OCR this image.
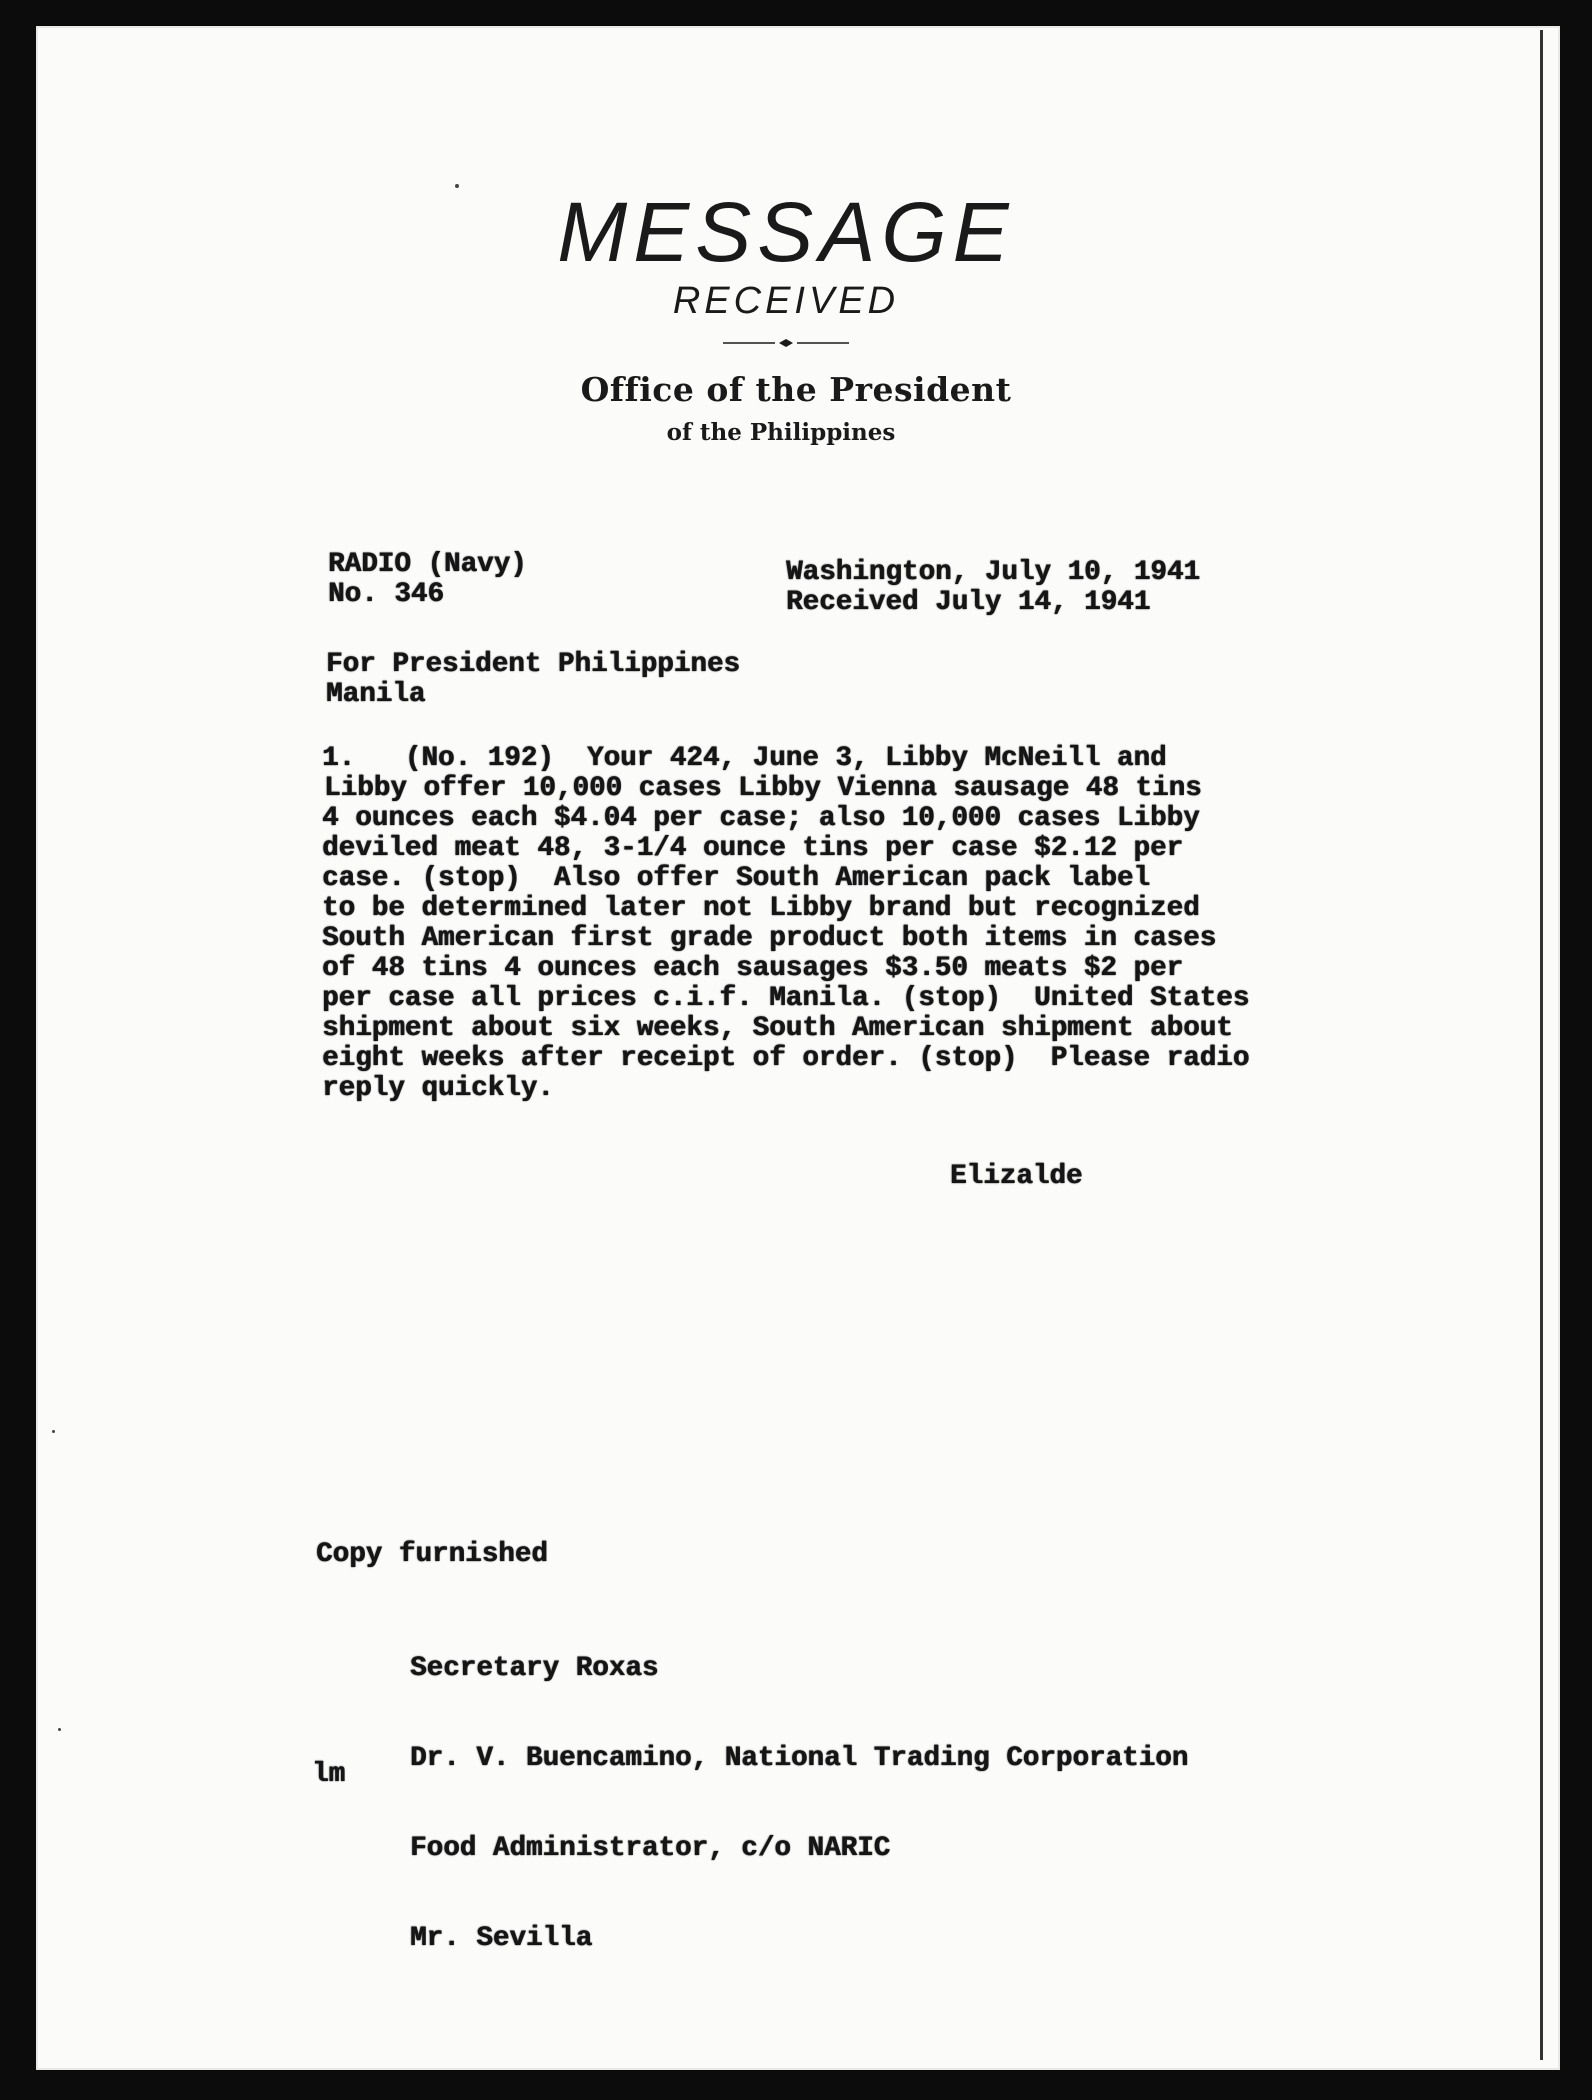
MESSAGE
RECEIVED
Office of the President
of the Philippines
RADIO (Navy)
No. 346
Washington, July 10, 1941
Received July 14, 1941
For President Philippines
Manila
1.   (No. 192)  Your 424, June 3, Libby McNeill and
Libby offer 10,000 cases Libby Vienna sausage 48 tins
4 ounces each $4.04 per case; also 10,000 cases Libby
deviled meat 48, 3-1/4 ounce tins per case $2.12 per
case. (stop)  Also offer South American pack label
to be determined later not Libby brand but recognized
South American first grade product both items in cases
of 48 tins 4 ounces each sausages $3.50 meats $2 per
per case all prices c.i.f. Manila. (stop)  United States
shipment about six weeks, South American shipment about
eight weeks after receipt of order. (stop)  Please radio
reply quickly.
Elizalde
Copy furnished

Secretary Roxas

Dr. V. Buencamino, National Trading Corporation

Food Administrator, c/o NARIC

Mr. Sevilla

lm
